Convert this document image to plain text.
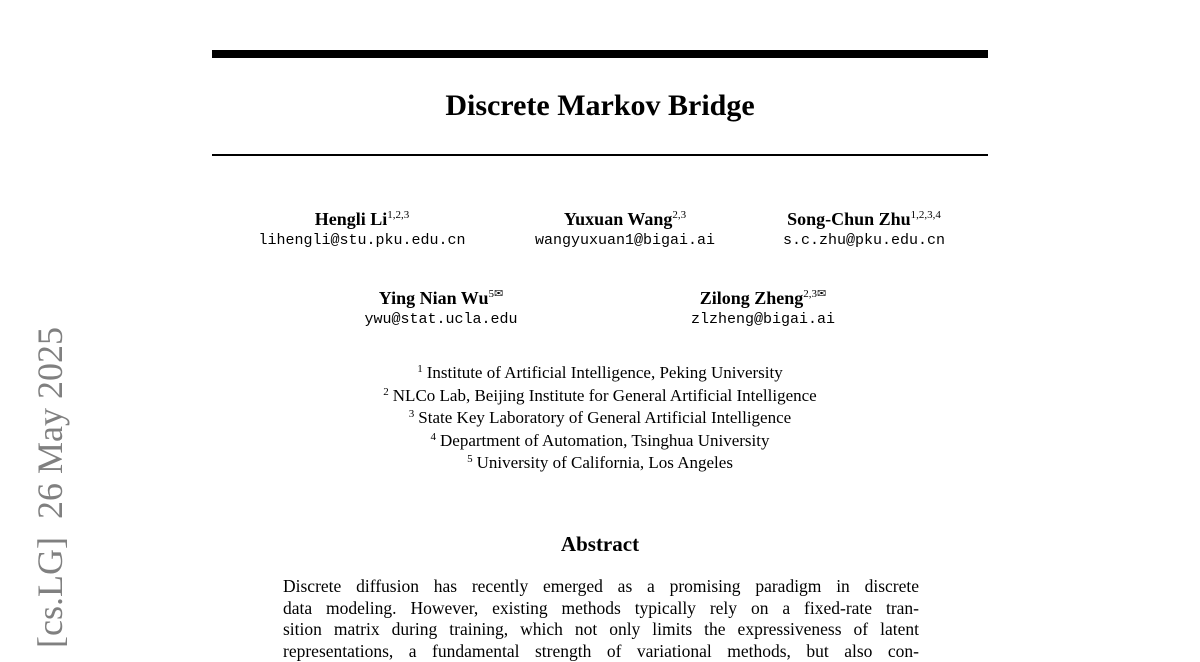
Discrete Markov Bridge
Hengli Li$^{1,2,3}$
lihengli@stu.pku.edu.cn
Yuxuan Wang$^{2,3}$
wangyuxuan1@bigai.ai
Song-Chun Zhu$^{1,2,3,4}$
s.c.zhu@pku.edu.cn
Ying Nian $Wu^{5✉}$
ywu@stat.ucla.edu
Zilong Zheng$^{2,3✉}$
zlzheng@bigai.ai
$^1$ Institute of Artificial Intelligence, Peking University
$^2$ NLCo Lab, Beijing Institute for General Artificial Intelligence
$^3$ State Key Laboratory of General Artificial Intelligence
$^4$ Department of Automation, Tsinghua University
$^5$ University of California, Los Angeles
Abstract
Discrete diffusion has recently emerged as a promising paradigm in discrete
data modeling. However, existing methods typically rely on a fixed-rate tran-
sition matrix during training, which not only limits the expressiveness of latent
representations, a fundamental strength of variational methods, but also con-
[cs.LG]26 May 2025
